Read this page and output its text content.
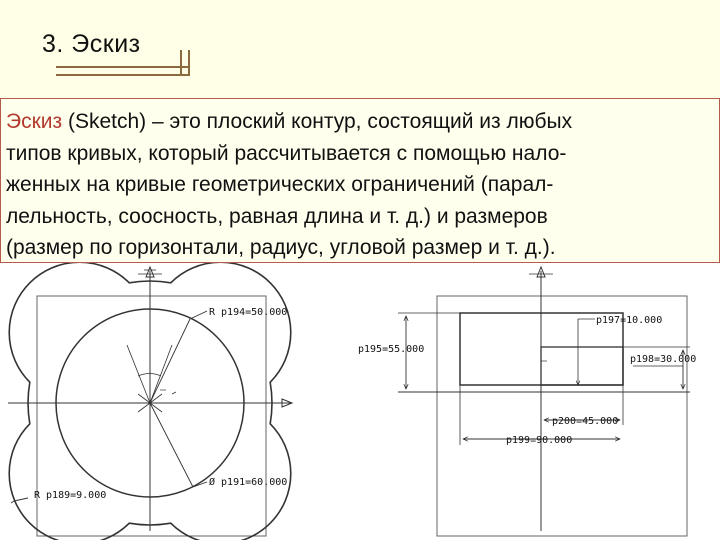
3. Эскиз

Эскиз (Sketch) – это плоский контур, состоящий из любых

типов кривых, который рассчитывается с помощью нало-

женных на кривые геометрических ограничений (парал-

лельность, соосность, равная длина и т. д.) и размеров

(размер по горизонтали, радиус, угловой размер и т. д.).

R p194=50.000
Ø p191=60.000
R p189=9.000
p197=10.000
p195=55.000
p198=30.000
p200=45.000
p199=90.000
